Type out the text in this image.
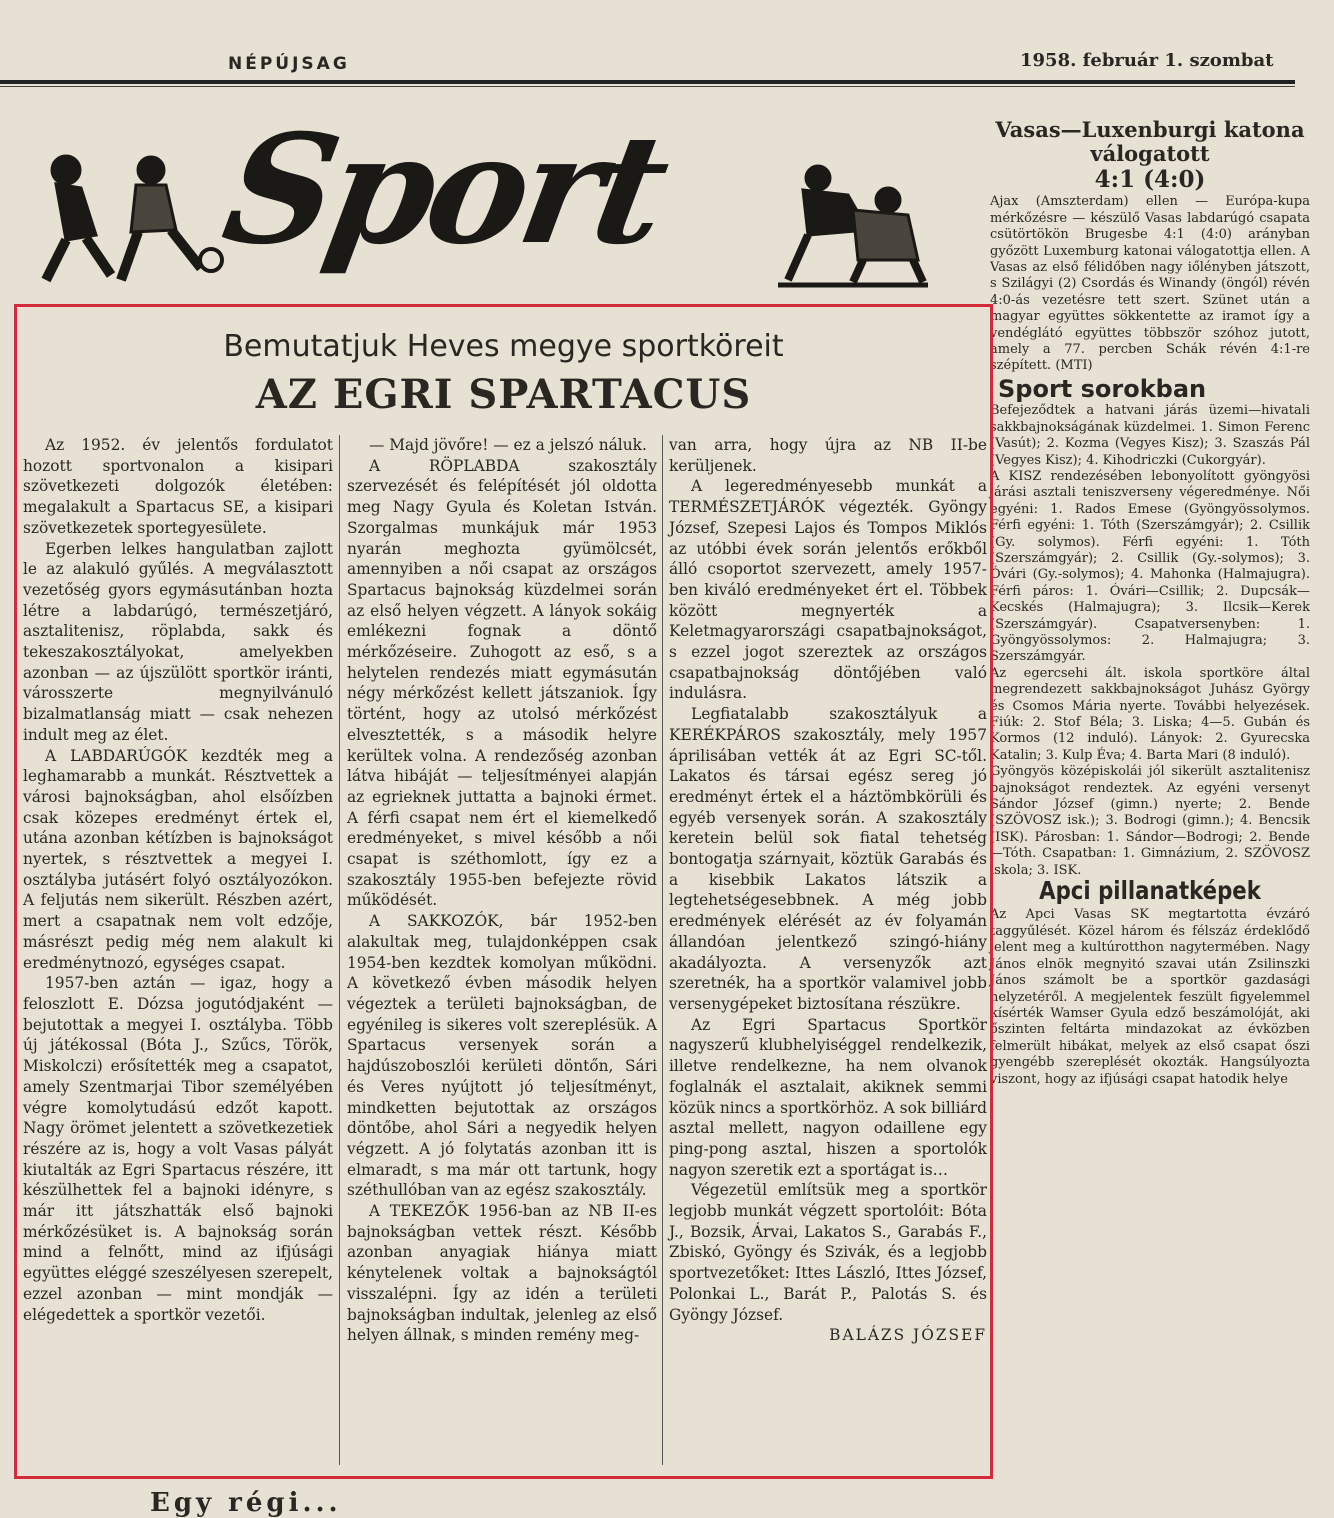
NÉPÚJSAG	1958. február 1. szombat
Sport	Vasas—Luxenburgi katona válogatott
4:1 (4:0)

Ajax (Amszterdam) ellen — Európa-kupa mérkőzésre — készülő Vasas labdarúgó csapata csütörtökön Brugesbe 4:1 (4:0) arányban győzött Luxemburg katonai válogatottja ellen. A Vasas az első félidőben nagy iőlényben játszott, s Szilágyi (2) Csordás és Winandy (öngól) révén 4:0-ás vezetésre tett szert. Szünet után a magyar együttes sökkentette az iramot így a vendéglátó együttes többször szóhoz jutott, amely a 77. percben Schák révén 4:1-re szépített. (MTI)

Sport sorokban

Befejeződtek a hatvani járás üzemi—hivatali sakkbajnokságának küzdelmei. 1. Simon Ferenc (Vasút); 2. Kozma (Vegyes Kisz); 3. Szaszás Pál (Vegyes Kisz); 4. Kihodriczki (Cukorgyár).

A KISZ rendezésében lebonyolított gyöngyösi járási asztali teniszverseny végeredménye. Női egyéni: 1. Rados Emese (Gyöngyössolymos. Férfi egyéni: 1. Tóth (Szerszámgyár); 2. Csillik (Gy. solymos). Férfi egyéni: 1. Tóth (Szerszámgyár); 2. Csillik (Gy.-solymos); 3. Óvári (Gy.-solymos); 4. Mahonka (Halmajugra). Férfi páros: 1. Óvári—Csillik; 2. Dupcsák—Kecskés (Halmajugra); 3. Ilcsik—Kerek (Szerszámgyár). Csapatversenyben: 1. Gyöngyössolymos: 2. Halmajugra; 3. Szerszámgyár.

Az egercsehi ált. iskola sportköre által megrendezett sakkbajnokságot Juhász György és Csomos Mária nyerte. További helyezések. Fiúk: 2. Stof Béla; 3. Liska; 4—5. Gubán és Kormos (12 induló). Lányok: 2. Gyurecska Katalin; 3. Kulp Éva; 4. Barta Mari (8 induló).

Gyöngyös középiskolái jól sikerült asztalitenisz bajnokságot rendeztek. Az egyéni versenyt Sándor József (gimn.) nyerte; 2. Bende (SZÖVOSZ isk.); 3. Bodrogi (gimn.); 4. Bencsik (ISK). Párosban: 1. Sándor—Bodrogi; 2. Bende—Tóth. Csapatban: 1. Gimnázium, 2. SZÖVOSZ iskola; 3. ISK.

Apci pillanatképek

Az Apci Vasas SK megtartotta évzáró taggyűlését. Közel három és félszáz érdeklődő jelent meg a kultúrotthon nagytermében. Nagy János elnök megnyitó szavai után Zsilinszki János számolt be a sportkör gazdasági helyzetéről. A megjelentek feszült figyelemmel kísérték Wamser Gyula edző beszámolóját, aki őszinten feltárta mindazokat az évközben felmerült hibákat, melyek az első csapat őszi gyengébb szereplését okozták. Hangsúlyozta viszont, hogy az ifjúsági csapat hatodik helye

Bemutatjuk Heves megye sportköreit
AZ EGRI SPARTACUS

Az 1952. év jelentős fordulatot hozott sportvonalon a kisipari szövetkezeti dolgozók életében: megalakult a Spartacus SE, a kisipari szövetkezetek sportegyesülete.

Egerben lelkes hangulatban zajlott le az alakuló gyűlés. A megválasztott vezetőség gyors egymásutánban hozta létre a labdarúgó, természetjáró, asztalitenisz, röplabda, sakk és tekeszakosztályokat, amelyekben azonban — az újszülött sportkör iránti, városszerte megnyilvánuló bizalmatlanság miatt — csak nehezen indult meg az élet.

A LABDARÚGÓK kezdték meg a leghamarabb a munkát. Résztvettek a városi bajnokságban, ahol elsőízben csak közepes eredményt értek el, utána azonban kétízben is bajnokságot nyertek, s résztvettek a megyei I. osztályba jutásért folyó osztályozókon. A feljutás nem sikerült. Részben azért, mert a csapatnak nem volt edzője, másrészt pedig még nem alakult ki eredménytnozó, egységes csapat.

1957-ben aztán — igaz, hogy a feloszlott E. Dózsa jogutódjaként — bejutottak a megyei I. osztályba. Több új játékossal (Bóta J., Szűcs, Török, Miskolczi) erősítették meg a csapatot, amely Szentmarjai Tibor személyében végre komolytudású edzőt kapott. Nagy örömet jelentett a szövetkezetiek részére az is, hogy a volt Vasas pályát kiutalták az Egri Spartacus részére, itt készülhettek fel a bajnoki idényre, s már itt játszhatták első bajnoki mérkőzésüket is. A bajnokság során mind a felnőtt, mind az ifjúsági együttes eléggé szeszélyesen szerepelt, ezzel azonban — mint mondják — elégedettek a sportkör vezetői.

— Majd jövőre! — ez a jelszó náluk.

A RÖPLABDA szakosztály szervezését és felépítését jól oldotta meg Nagy Gyula és Koletan István. Szorgalmas munkájuk már 1953 nyarán meghozta gyümölcsét, amennyiben a női csapat az országos Spartacus bajnokság küzdelmei során az első helyen végzett. A lányok sokáig emlékezni fognak a döntő mérkőzéseire. Zuhogott az eső, s a helytelen rendezés miatt egymásután négy mérkőzést kellett játszaniok. Így történt, hogy az utolsó mérkőzést elvesztették, s a második helyre kerültek volna. A rendezőség azonban látva hibáját — teljesítményei alapján az egrieknek juttatta a bajnoki érmet. A férfi csapat nem ért el kiemelkedő eredményeket, s mivel később a női csapat is széthomlott, így ez a szakosztály 1955-ben befejezte rövid működését.

A SAKKOZÓK, bár 1952-ben alakultak meg, tulajdonképpen csak 1954-ben kezdtek komolyan működni. A következő évben második helyen végeztek a területi bajnokságban, de egyénileg is sikeres volt szereplésük. A Spartacus versenyek során a hajdúszoboszlói kerületi döntőn, Sári és Veres nyújtott jó teljesítményt, mindketten bejutottak az országos döntőbe, ahol Sári a negyedik helyen végzett. A jó folytatás azonban itt is elmaradt, s ma már ott tartunk, hogy széthullóban van az egész szakosztály.

A TEKEZŐK 1956-ban az NB II-es bajnokságban vettek részt. Később azonban anyagiak hiánya miatt kénytelenek voltak a bajnokságtól visszalépni. Így az idén a területi bajnokságban indultak, jelenleg az első helyen állnak, s minden remény meg-

van arra, hogy újra az NB II-be kerüljenek.

A legeredményesebb munkát a TERMÉSZETJÁRÓK végezték. Gyöngy József, Szepesi Lajos és Tompos Miklós az utóbbi évek során jelentős erőkből álló csoportot szervezett, amely 1957-ben kiváló eredményeket ért el. Többek között megnyerték a Keletmagyarországi csapatbajnokságot, s ezzel jogot szereztek az országos csapatbajnokság döntőjében való indulásra.

Legfiatalabb szakosztályuk a KERÉKPÁROS szakosztály, mely 1957 áprilisában vették át az Egri SC-től. Lakatos és társai egész sereg jó eredményt értek el a háztömbkörüli és egyéb versenyek során. A szakosztály keretein belül sok fiatal tehetség bontogatja szárnyait, köztük Garabás és a kisebbik Lakatos látszik a legtehetségesebbnek. A még jobb eredmények elérését az év folyamán állandóan jelentkező szingó-hiány akadályozta. A versenyzők azt szeretnék, ha a sportkör valamivel jobb versenygépeket biztosítana részükre.

Az Egri Spartacus Sportkör nagyszerű klubhelyiséggel rendelkezik, illetve rendelkezne, ha nem olvanok foglalnák el asztalait, akiknek semmi közük nincs a sportkörhöz. A sok billiárd asztal mellett, nagyon odaillene egy ping-pong asztal, hiszen a sportolók nagyon szeretik ezt a sportágat is…

Végezetül említsük meg a sportkör legjobb munkát végzett sportolóit: Bóta J., Bozsik, Árvai, Lakatos S., Garabás F., Zbiskó, Gyöngy és Szivák, és a legjobb sportvezetőket: Ittes László, Ittes József, Polonkai L., Barát P., Palotás S. és Gyöngy József.

BALÁZS JÓZSEF

Egy régi...
